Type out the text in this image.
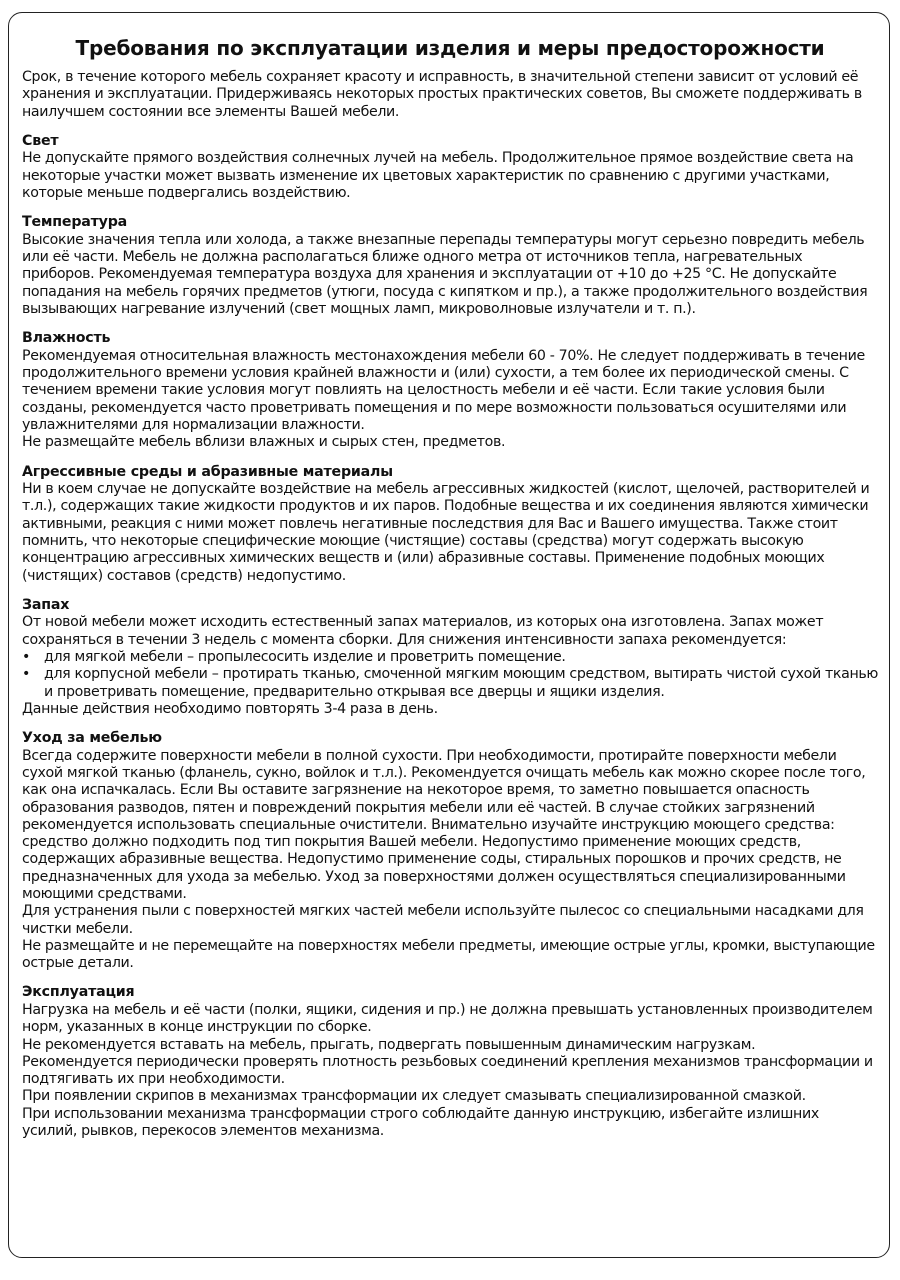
Требования по эксплуатации изделия и меры предосторожности

Срок, в течение которого мебель сохраняет красоту и исправность, в значительной степени зависит от условий её хранения и эксплуатации. Придерживаясь некоторых простых практических советов, Вы сможете поддерживать в наилучшем состоянии все элементы Вашей мебели.

Свет

Не допускайте прямого воздействия солнечных лучей на мебель. Продолжительное прямое воздействие света на некоторые участки может вызвать изменение их цветовых характеристик по сравнению с другими участками, которые меньше подвергались воздействию.

Температура

Высокие значения тепла или холода, а также внезапные перепады температуры могут серьезно повредить мебель или её части. Мебель не должна располагаться ближе одного метра от источников тепла, нагревательных приборов. Рекомендуемая температура воздуха для хранения и эксплуатации от +10 до +25 °С. Не допускайте попадания на мебель горячих предметов (утюги, посуда с кипятком и пр.), а также продолжительного воздействия вызывающих нагревание излучений (свет мощных ламп, микроволновые излучатели и т. п.).

Влажность

Рекомендуемая относительная влажность местонахождения мебели 60 - 70%. Не следует поддерживать в течение продолжительного времени условия крайней влажности и (или) сухости, а тем более их периодической смены. С течением времени такие условия могут повлиять на целостность мебели и её части. Если такие условия были созданы, рекомендуется часто проветривать помещения и по мере возможности пользоваться осушителями или увлажнителями для нормализации влажности.

Не размещайте мебель вблизи влажных и сырых стен, предметов.

Агрессивные среды и абразивные материалы

Ни в коем случае не допускайте воздействие на мебель агрессивных жидкостей (кислот, щелочей, растворителей и т.л.), содержащих такие жидкости продуктов и их паров. Подобные вещества и их соединения являются химически активными, реакция с ними может повлечь негативные последствия для Вас и Вашего имущества. Также стоит помнить, что некоторые специфические моющие (чистящие) составы (средства) могут содержать высокую концентрацию агрессивных химических веществ и (или) абразивные составы. Применение подобных моющих (чистящих) составов (средств) недопустимо.

Запах

От новой мебели может исходить естественный запах материалов, из которых она изготовлена. Запах может сохраняться в течении 3 недель с момента сборки. Для снижения интенсивности запаха рекомендуется:

• для мягкой мебели – пропылесосить изделие и проветрить помещение.
• для корпусной мебели – протирать тканью, смоченной мягким моющим средством, вытирать чистой сухой тканью и проветривать помещение, предварительно открывая все дверцы и ящики изделия.

Данные действия необходимо повторять 3-4 раза в день.

Уход за мебелью

Всегда содержите поверхности мебели в полной сухости. При необходимости, протирайте поверхности мебели сухой мягкой тканью (фланель, сукно, войлок и т.л.). Рекомендуется очищать мебель как можно скорее после того, как она испачкалась. Если Вы оставите загрязнение на некоторое время, то заметно повышается опасность образования разводов, пятен и повреждений покрытия мебели или её частей. В случае стойких загрязнений рекомендуется использовать специальные очистители. Внимательно изучайте инструкцию моющего средства: средство должно подходить под тип покрытия Вашей мебели. Недопустимо применение моющих средств, содержащих абразивные вещества. Недопустимо применение соды, стиральных порошков и прочих средств, не предназначенных для ухода за мебелью. Уход за поверхностями должен осуществляться специализированными моющими средствами.

Для устранения пыли с поверхностей мягких частей мебели используйте пылесос со специальными насадками для чистки мебели.

Не размещайте и не перемещайте на поверхностях мебели предметы, имеющие острые углы, кромки, выступающие острые детали.

Эксплуатация

Нагрузка на мебель и её части (полки, ящики, сидения и пр.) не должна превышать установленных производителем норм, указанных в конце инструкции по сборке.

Не рекомендуется вставать на мебель, прыгать, подвергать повышенным динамическим нагрузкам.

Рекомендуется периодически проверять плотность резьбовых соединений крепления механизмов трансформации и подтягивать их при необходимости.

При появлении скрипов в механизмах трансформации их следует смазывать специализированной смазкой.

При использовании механизма трансформации строго соблюдайте данную инструкцию, избегайте излишних усилий, рывков, перекосов элементов механизма.
